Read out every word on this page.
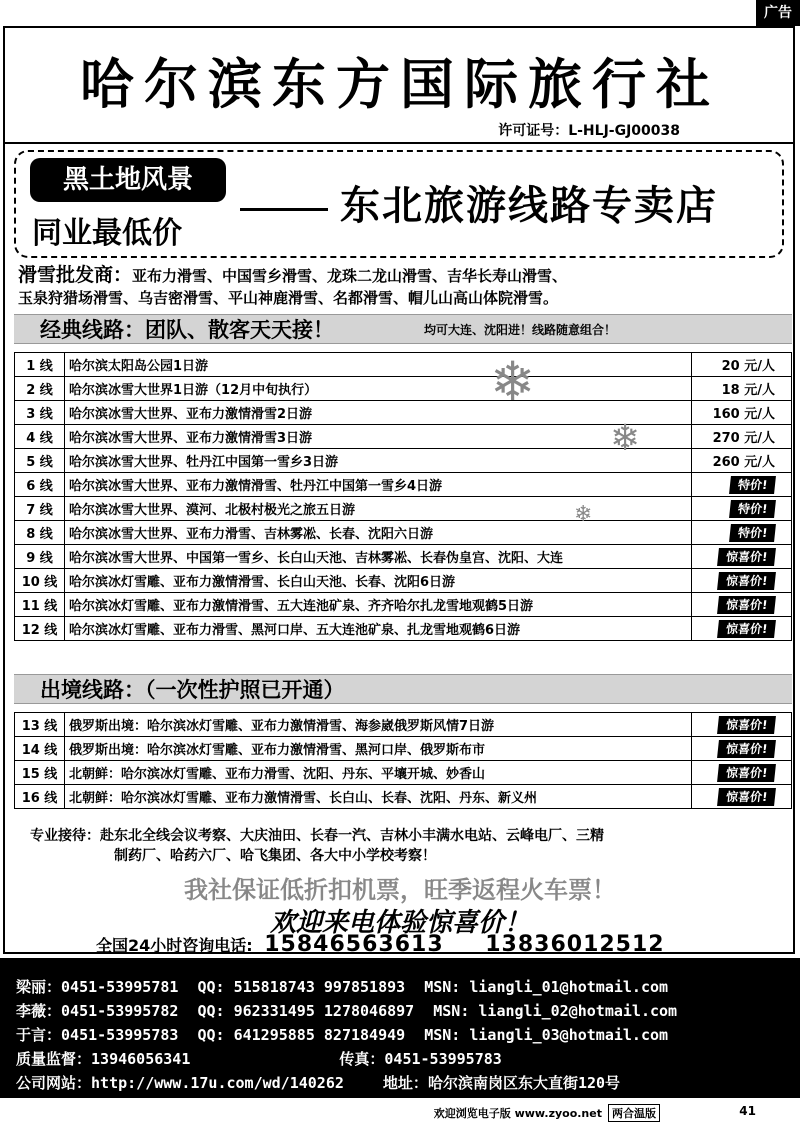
广告
哈尔滨东方国际旅行社
许可证号：L-HLJ-GJ00038
黑土地风景
同业最低价
东北旅游线路专卖店
滑雪批发商：亚布力滑雪、中国雪乡滑雪、龙珠二龙山滑雪、吉华长寿山滑雪、
玉泉狩猎场滑雪、乌吉密滑雪、平山神鹿滑雪、名都滑雪、帽儿山高山体院滑雪。
经典线路：团队、散客天天接！	均可大连、沈阳进！线路随意组合！
1 线	哈尔滨太阳岛公园1日游	20 元/人
2 线	哈尔滨冰雪大世界1日游（12月中旬执行）	18 元/人
3 线	哈尔滨冰雪大世界、亚布力激情滑雪2日游	160 元/人
4 线	哈尔滨冰雪大世界、亚布力激情滑雪3日游	270 元/人
5 线	哈尔滨冰雪大世界、牡丹江中国第一雪乡3日游	260 元/人
6 线	哈尔滨冰雪大世界、亚布力激情滑雪、牡丹江中国第一雪乡4日游	特价!
7 线	哈尔滨冰雪大世界、漠河、北极村极光之旅五日游	特价!
8 线	哈尔滨冰雪大世界、亚布力滑雪、吉林雾凇、长春、沈阳六日游	特价!
9 线	哈尔滨冰雪大世界、中国第一雪乡、长白山天池、吉林雾凇、长春伪皇宫、沈阳、大连	惊喜价!
10 线	哈尔滨冰灯雪雕、亚布力激情滑雪、长白山天池、长春、沈阳6日游	惊喜价!
11 线	哈尔滨冰灯雪雕、亚布力激情滑雪、五大连池矿泉、齐齐哈尔扎龙雪地观鹤5日游	惊喜价!
12 线	哈尔滨冰灯雪雕、亚布力滑雪、黑河口岸、五大连池矿泉、扎龙雪地观鹤6日游	惊喜价!
❄
❄
❄
出境线路：（一次性护照已开通）
13 线	俄罗斯出境：哈尔滨冰灯雪雕、亚布力激情滑雪、海参崴俄罗斯风情7日游	惊喜价!
14 线	俄罗斯出境：哈尔滨冰灯雪雕、亚布力激情滑雪、黑河口岸、俄罗斯布市	惊喜价!
15 线	北朝鲜：哈尔滨冰灯雪雕、亚布力滑雪、沈阳、丹东、平壤开城、妙香山	惊喜价!
16 线	北朝鲜：哈尔滨冰灯雪雕、亚布力激情滑雪、长白山、长春、沈阳、丹东、新义州	惊喜价!
专业接待：赴东北全线会议考察、大庆油田、长春一汽、吉林小丰满水电站、云峰电厂、三精
制药厂、哈药六厂、哈飞集团、各大中小学校考察！
我社保证低折扣机票，旺季返程火车票！
欢迎来电体验惊喜价！
全国24小时咨询电话: 15846563613 13836012512
梁丽：0451-53995781 QQ: 515818743 997851893 MSN: liangli_01@hotmail.com
李薇：0451-53995782 QQ: 962331495 1278046897 MSN: liangli_02@hotmail.com
于言：0451-53995783 QQ: 641295885 827184949 MSN: liangli_03@hotmail.com
质量监督：13946056341	传真：0451-53995783
公司网站：http://www.17u.com/wd/140262	地址：哈尔滨南岗区东大直街120号
欢迎浏览电子版 www.zyoo.net 两合温版	41
